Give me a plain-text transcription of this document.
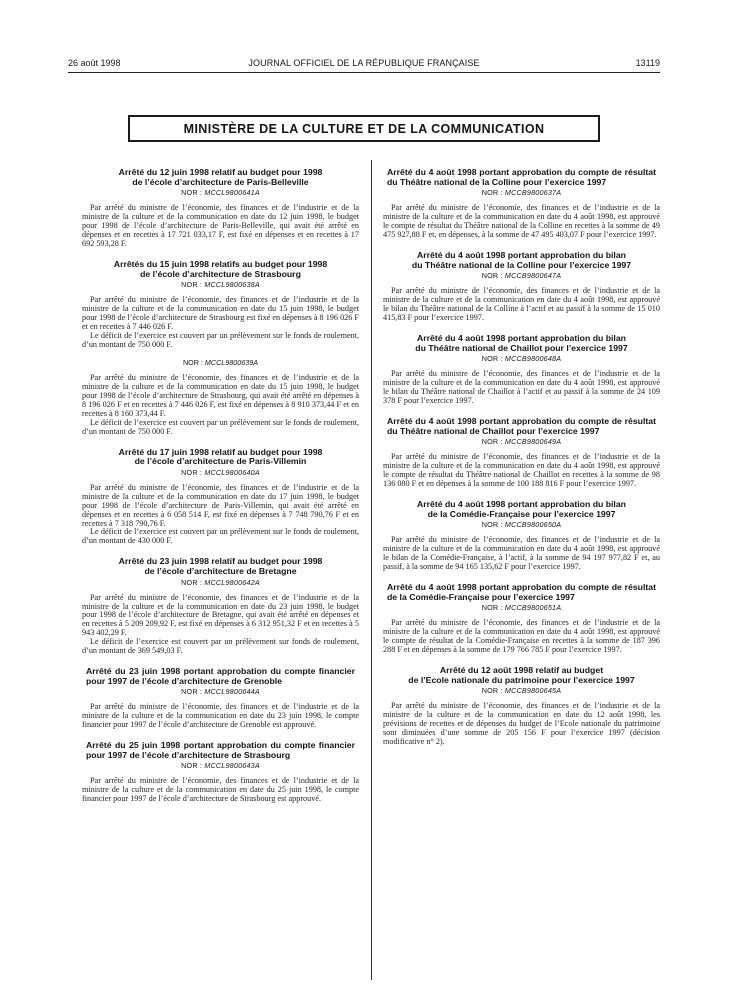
26 août 1998	JOURNAL OFFICIEL DE LA RÉPUBLIQUE FRANÇAISE	13119
MINISTÈRE DE LA CULTURE ET DE LA COMMUNICATION
Arrêté du 12 juin 1998 relatif au budget pour 1998
de l’école d’architecture de Paris-Belleville
NOR : MCCL9800641A

Par arrêté du ministre de l’économie, des finances et de l’industrie et de la ministre de la culture et de la communication en date du 12 juin 1998, le budget pour 1998 de l’école d’architecture de Paris-Belleville, qui avait été arrêté en dépenses et en recettes à 17 721 033,17 F, est fixé en dépenses et en recettes à 17 692 593,28 F.

Arrêtés du 15 juin 1998 relatifs au budget pour 1998
de l’école d’architecture de Strasbourg
NOR : MCCL9800638A

Par arrêté du ministre de l’économie, des finances et de l’industrie et de la ministre de la culture et de la communication en date du 15 juin 1998, le budget pour 1998 de l’école d’architecture de Strasbourg est fixé en dépenses à 8 196 026 F et en recettes à 7 446 026 F.

Le déficit de l’exercice est couvert par un prélèvement sur le fonds de roulement, d’un montant de 750 000 F.

NOR : MCCL9800639A

Par arrêté du ministre de l’économie, des finances et de l’industrie et de la ministre de la culture et de la communication en date du 15 juin 1998, le budget pour 1998 de l’école d’architecture de Strasbourg, qui avait été arrêté en dépenses à 8 196 026 F et en recettes à 7 446 026 F, est fixé en dépenses à 8 910 373,44 F et en recettes à 8 160 373,44 F.

Le déficit de l’exercice est couvert par un prélèvement sur le fonds de roulement, d’un montant de 750 000 F.

Arrêté du 17 juin 1998 relatif au budget pour 1998
de l’école d’architecture de Paris-Villemin
NOR : MCCL9800640A

Par arrêté du ministre de l’économie, des finances et de l’industrie et de la ministre de la culture et de la communication en date du 17 juin 1998, le budget pour 1998 de l’école d’architecture de Paris-Villemin, qui avait été arrêté en dépenses et en recettes à 6 058 514 F, est fixé en dépenses à 7 748 790,76 F et en recettes à 7 318 790,76 F.

Le déficit de l’exercice est couvert par un prélèvement sur le fonds de roulement, d’un montant de 430 000 F.

Arrêté du 23 juin 1998 relatif au budget pour 1998
de l’école d’architecture de Bretagne
NOR : MCCL9800642A

Par arrêté du ministre de l’économie, des finances et de l’industrie et de la ministre de la culture et de la communication en date du 23 juin 1998, le budget pour 1998 de l’école d’architecture de Bretagne, qui avait été arrêté en dépenses et en recettes à 5 209 209,92 F, est fixé en dépenses à 6 312 951,32 F et en recettes à 5 943 402,29 F.

Le déficit de l’exercice est couvert par un prélèvement sur fonds de roulement, d’un montant de 369 549,03 F.

Arrêté du 23 juin 1998 portant approbation du compte financier pour 1997 de l’école d’architecture de Grenoble
NOR : MCCL9800644A

Par arrêté du ministre de l’économie, des finances et de l’industrie et de la ministre de la culture et de la communication en date du 23 juin 1998, le compte financier pour 1997 de l’école d’architecture de Grenoble est approuvé.

Arrêté du 25 juin 1998 portant approbation du compte financier pour 1997 de l’école d’architecture de Strasbourg
NOR : MCCL9800643A

Par arrêté du ministre de l’économie, des finances et de l’industrie et de la ministre de la culture et de la communication en date du 25 juin 1998, le compte financier pour 1997 de l’école d’architecture de Strasbourg est approuvé.

Arrêté du 4 août 1998 portant approbation du compte de résultat du Théâtre national de la Colline pour l’exercice 1997
NOR : MCCB9800637A

Par arrêté du ministre de l’économie, des finances et de l’industrie et de la ministre de la culture et de la communication en date du 4 août 1998, est approuvé le compte de résultat du Théâtre national de la Colline en recettes à la somme de 49 475 927,88 F et, en dépenses, à la somme de 47 495 403,07 F pour l’exercice 1997.

Arrêté du 4 août 1998 portant approbation du bilan
du Théâtre national de la Colline pour l’exercice 1997
NOR : MCCB9800647A

Par arrêté du ministre de l’économie, des finances et de l’industrie et de la ministre de la culture et de la communication en date du 4 août 1998, est approuvé le bilan du Théâtre national de la Colline à l’actif et au passif à la somme de 15 010 415,83 F pour l’exercice 1997.

Arrêté du 4 août 1998 portant approbation du bilan
du Théâtre national de Chaillot pour l’exercice 1997
NOR : MCCB9800648A

Par arrêté du ministre de l’économie, des finances et de l’industrie et de la ministre de la culture et de la communication en date du 4 août 1998, est approuvé le bilan du Théâtre national de Chaillot à l’actif et au passif à la somme de 24 109 378 F pour l’exercice 1997.

Arrêté du 4 août 1998 portant approbation du compte de résultat du Théâtre national de Chaillot pour l’exercice 1997
NOR : MCCB9800649A

Par arrêté du ministre de l’économie, des finances et de l’industrie et de la ministre de la culture et de la communication en date du 4 août 1998, est approuvé le compte de résultat du Théâtre national de Chaillot en recettes à la somme de 98 136 080 F et en dépenses à la somme de 100 188 816 F pour l’exercice 1997.

Arrêté du 4 août 1998 portant approbation du bilan
de la Comédie-Française pour l’exercice 1997
NOR : MCCB9800650A

Par arrêté du ministre de l’économie, des finances et de l’industrie et de la ministre de la culture et de la communication en date du 4 août 1998, est approuvé le bilan de la Comédie-Française, à l’actif, à la somme de 94 197 977,82 F et, au passif, à la somme de 94 165 135,62 F pour l’exercice 1997.

Arrêté du 4 août 1998 portant approbation du compte de résultat de la Comédie-Française pour l’exercice 1997
NOR : MCCB9800651A

Par arrêté du ministre de l’économie, des finances et de l’industrie et de la ministre de la culture et de la communication en date du 4 août 1998, est approuvé le compte de résultat de la Comédie-Française en recettes à la somme de 187 396 288 F et en dépenses à la somme de 179 766 785 F pour l’exercice 1997.

Arrêté du 12 août 1998 relatif au budget
de l’Ecole nationale du patrimoine pour l’exercice 1997
NOR : MCCB9800645A

Par arrêté du ministre de l’économie, des finances et de l’industrie et de la ministre de la culture et de la communication en date du 12 août 1998, les prévisions de recettes et de dépenses du budget de l’Ecole nationale du patrimoine sont diminuées d’une somme de 205 156 F pour l’exercice 1997 (décision modificative n° 2).
